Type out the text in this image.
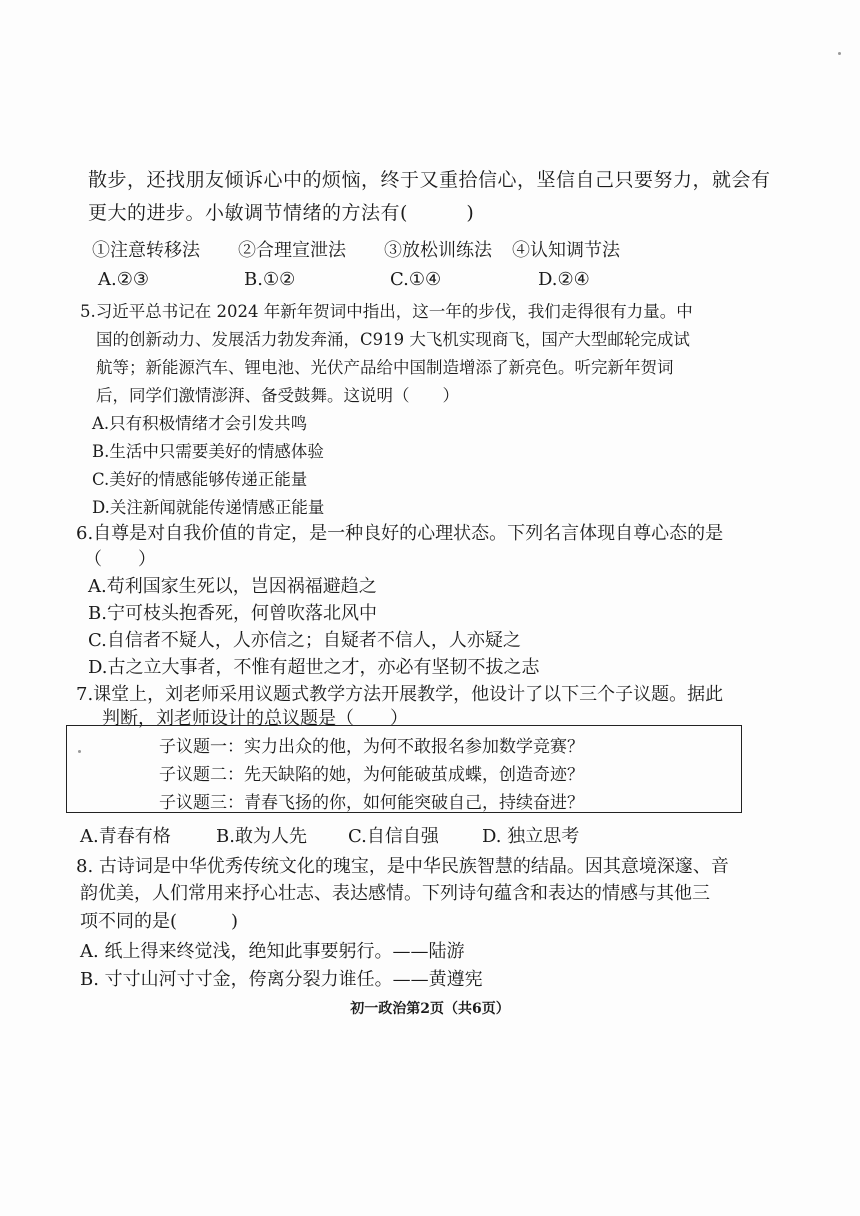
散步，还找朋友倾诉心中的烦恼，终于又重拾信心，坚信自己只要努力，就会有
更大的进步。小敏调节情绪的方法有(　　　)
①注意转移法 ②合理宣泄法 ③放松训练法 ④认知调节法
A.②③	B.①②	C.①④	D.②④
5.习近平总书记在 2024 年新年贺词中指出，这一年的步伐，我们走得很有力量。中
国的创新动力、发展活力勃发奔涌，C919 大飞机实现商飞，国产大型邮轮完成试
航等；新能源汽车、锂电池、光伏产品给中国制造增添了新亮色。听完新年贺词
后，同学们激情澎湃、备受鼓舞。这说明（　　）
A.只有积极情绪才会引发共鸣
B.生活中只需要美好的情感体验
C.美好的情感能够传递正能量
D.关注新闻就能传递情感正能量
6.自尊是对自我价值的肯定，是一种良好的心理状态。下列名言体现自尊心态的是
（　　）
A.苟利国家生死以，岂因祸福避趋之
B.宁可枝头抱香死，何曾吹落北风中
C.自信者不疑人，人亦信之；自疑者不信人，人亦疑之
D.古之立大事者，不惟有超世之才，亦必有坚韧不拔之志
7.课堂上，刘老师采用议题式教学方法开展教学，他设计了以下三个子议题。据此
判断，刘老师设计的总议题是（　　）
子议题一：实力出众的他，为何不敢报名参加数学竞赛？
子议题二：先天缺陷的她，为何能破茧成蝶，创造奇迹？
子议题三：青春飞扬的你，如何能突破自己，持续奋进？
A.青春有格	B.敢为人先 C.自信自强 D. 独立思考
8. 古诗词是中华优秀传统文化的瑰宝，是中华民族智慧的结晶。因其意境深邃、音
韵优美，人们常用来抒心壮志、表达感情。下列诗句蕴含和表达的情感与其他三
项不同的是(　　　)
A. 纸上得来终觉浅，绝知此事要躬行。——陆游
B. 寸寸山河寸寸金，侉离分裂力谁任。——黄遵宪
初一政治第2页（共6页）
